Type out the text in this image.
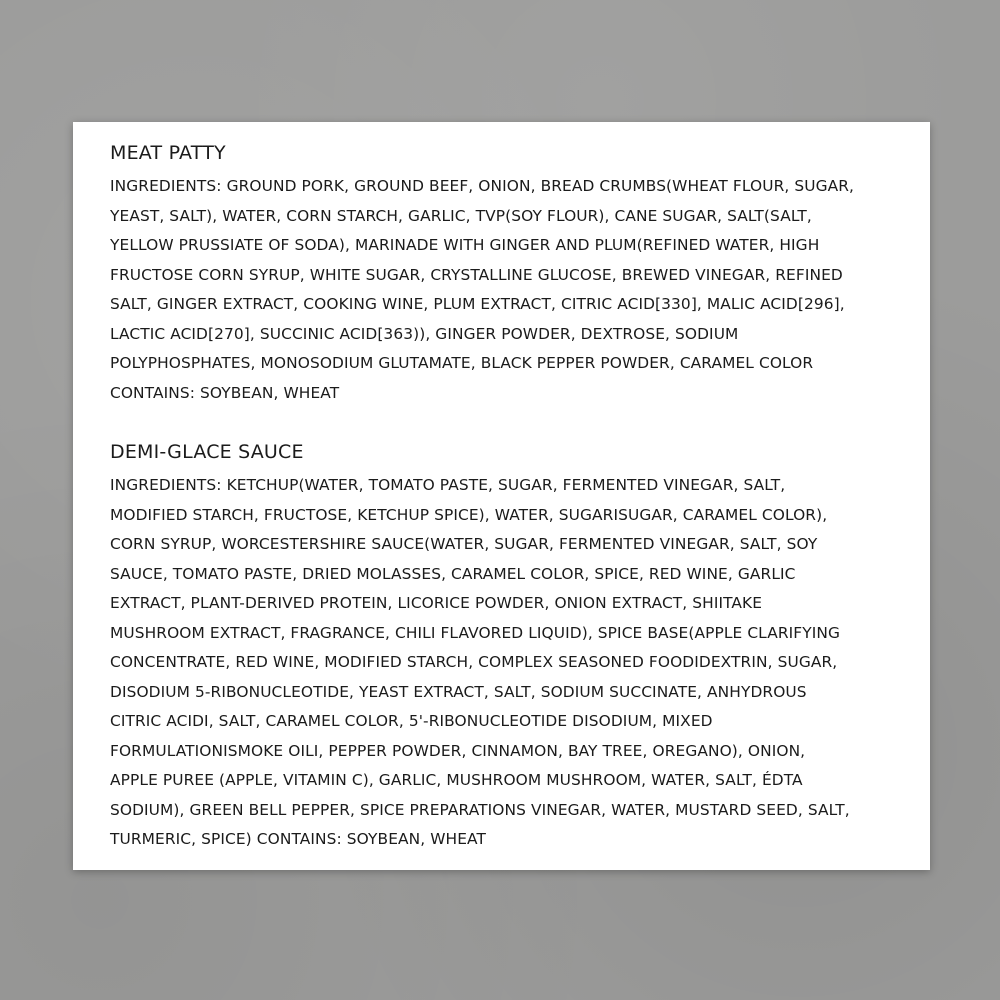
MEAT PATTY
INGREDIENTS: GROUND PORK, GROUND BEEF, ONION, BREAD CRUMBS(WHEAT FLOUR, SUGAR,
YEAST, SALT), WATER, CORN STARCH, GARLIC, TVP(SOY FLOUR), CANE SUGAR, SALT(SALT,
YELLOW PRUSSIATE OF SODA), MARINADE WITH GINGER AND PLUM(REFINED WATER, HIGH
FRUCTOSE CORN SYRUP, WHITE SUGAR, CRYSTALLINE GLUCOSE, BREWED VINEGAR, REFINED
SALT, GINGER EXTRACT, COOKING WINE, PLUM EXTRACT, CITRIC ACID[330], MALIC ACID[296],
LACTIC ACID[270], SUCCINIC ACID[363)), GINGER POWDER, DEXTROSE, SODIUM
POLYPHOSPHATES, MONOSODIUM GLUTAMATE, BLACK PEPPER POWDER, CARAMEL COLOR
CONTAINS: SOYBEAN, WHEAT
DEMI-GLACE SAUCE
INGREDIENTS: KETCHUP(WATER, TOMATO PASTE, SUGAR, FERMENTED VINEGAR, SALT,
MODIFIED STARCH, FRUCTOSE, KETCHUP SPICE), WATER, SUGARISUGAR, CARAMEL COLOR),
CORN SYRUP, WORCESTERSHIRE SAUCE(WATER, SUGAR, FERMENTED VINEGAR, SALT, SOY
SAUCE, TOMATO PASTE, DRIED MOLASSES, CARAMEL COLOR, SPICE, RED WINE, GARLIC
EXTRACT, PLANT-DERIVED PROTEIN, LICORICE POWDER, ONION EXTRACT, SHIITAKE
MUSHROOM EXTRACT, FRAGRANCE, CHILI FLAVORED LIQUID), SPICE BASE(APPLE CLARIFYING
CONCENTRATE, RED WINE, MODIFIED STARCH, COMPLEX SEASONED FOODIDEXTRIN, SUGAR,
DISODIUM 5-RIBONUCLEOTIDE, YEAST EXTRACT, SALT, SODIUM SUCCINATE, ANHYDROUS
CITRIC ACIDI, SALT, CARAMEL COLOR, 5'-RIBONUCLEOTIDE DISODIUM, MIXED
FORMULATIONISMOKE OILI, PEPPER POWDER, CINNAMON, BAY TREE, OREGANO), ONION,
APPLE PUREE (APPLE, VITAMIN C), GARLIC, MUSHROOM MUSHROOM, WATER, SALT, ÉDTA
SODIUM), GREEN BELL PEPPER, SPICE PREPARATIONS VINEGAR, WATER, MUSTARD SEED, SALT,
TURMERIC, SPICE) CONTAINS: SOYBEAN, WHEAT
